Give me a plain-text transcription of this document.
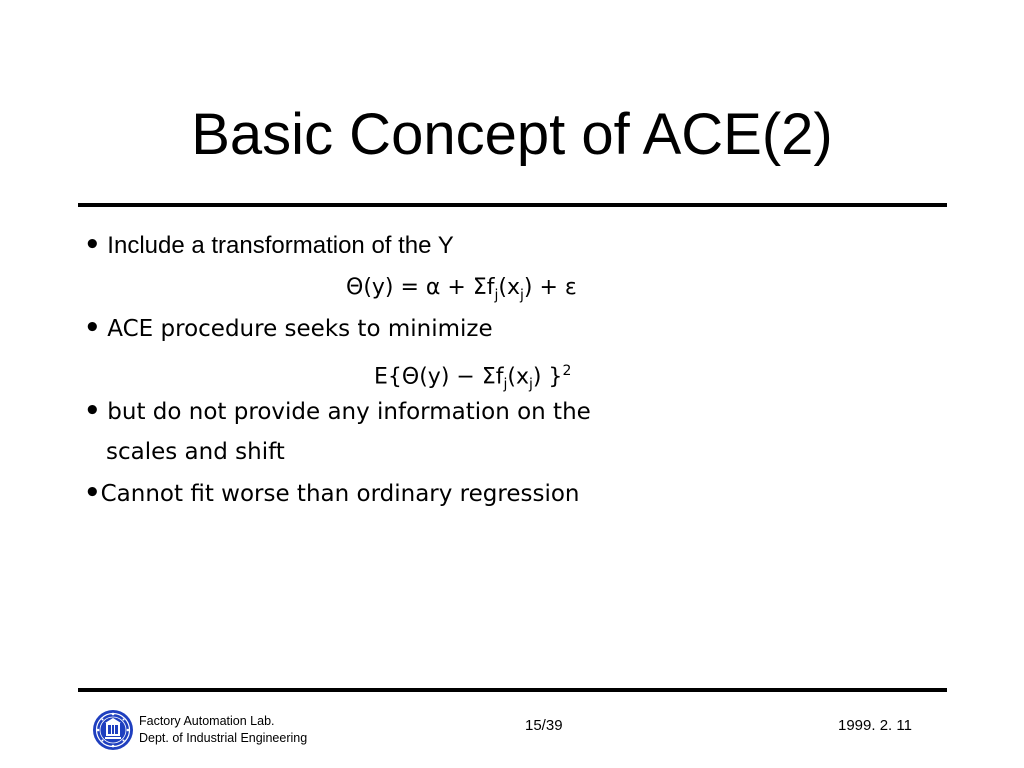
Basic Concept of ACE(2)
• Include a transformation of the Y
$\Theta(y) = \alpha + \Sigma f_j(x_j) + \varepsilon$
• ACE procedure seeks to minimize
$E\{\Theta(y) - \Sigma f_j(x_j)$ }$^2$
• but do not provide any information on the
scales and shift
•Cannot fit worse than ordinary regression
Factory Automation Lab.
Dept. of Industrial Engineering
15/39	1999. 2. 11
